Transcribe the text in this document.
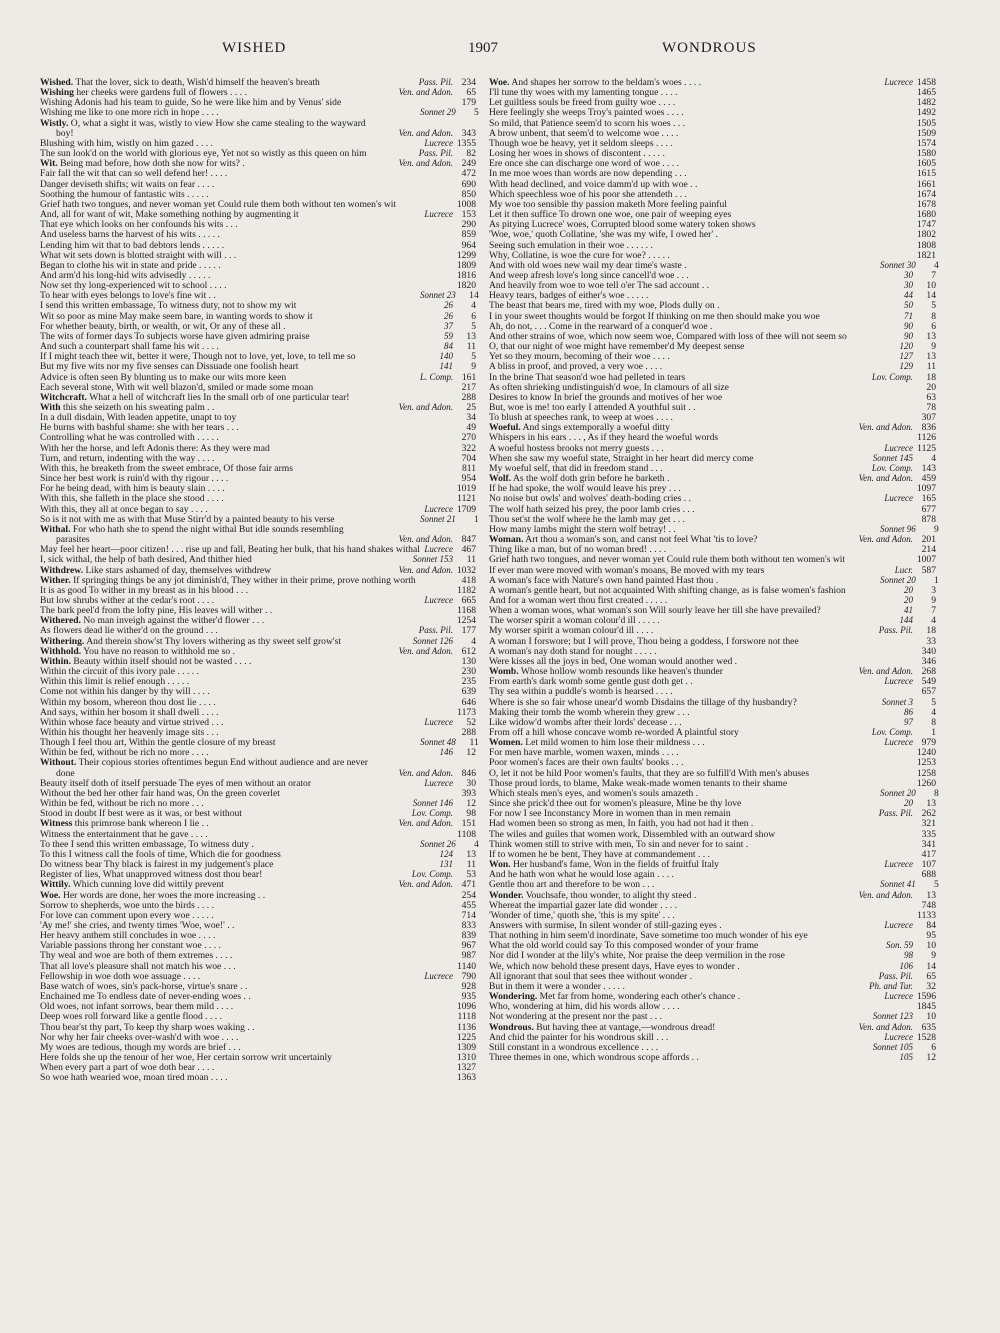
WISHED	1907	WONDROUS
Wished. That the lover, sick to death, Wish'd himself the heaven's breath	Pass. Pil. 234
Wishing her cheeks were gardens full of flowers . . . .	Ven. and Adon. 65
Wishing Adonis had his team to guide, So he were like him and by Venus' side	179
Wishing me like to one more rich in hope . . . .	Sonnet 29 5
Wistly. O, what a sight it was, wistly to view How she came stealing to the wayward boy!	Ven. and Adon. 343
Blushing with him, wistly on him gazed . . . .	Lucrece 1355
The sun look'd on the world with glorious eye, Yet not so wistly as this queen on him	Pass. Pil. 82
Wit. Being mad before, how doth she now for wits? .	Ven. and Adon. 249
Fair fall the wit that can so well defend her! . . . .	472
Danger deviseth shifts; wit waits on fear . . . .	690
Soothing the humour of fantastic wits . . . . .	850
Grief hath two tongues, and never woman yet Could rule them both without ten women's wit	1008
And, all for want of wit, Make something nothing by augmenting it	Lucrece 153
That eye which looks on her confounds his wits . . .	290
And useless barns the harvest of his wits . . . . .	859
Lending him wit that to bad debtors lends . . . . .	964
What wit sets down is blotted straight with will . . .	1299
Began to clothe his wit in state and pride . . . . .	1809
And arm'd his long-hid wits advisedly . . . . .	1816
Now set thy long-experienced wit to school . . . .	1820
To hear with eyes belongs to love's fine wit . .	Sonnet 23 14
I send this written embassage, To witness duty, not to show my wit	26 4
Wit so poor as mine May make seem bare, in wanting words to show it	26 6
For whether beauty, birth, or wealth, or wit, Or any of these all .	37 5
The wits of former days To subjects worse have given admiring praise	59 13
And such a counterpart shall fame his wit . . . .	84 11
If I might teach thee wit, better it were, Though not to love, yet, love, to tell me so	140 5
But my five wits nor my five senses can Dissuade one foolish heart	141 9
Advice is often seen By blunting us to make our wits more keen	L. Comp. 161
Each several stone, With wit well blazon'd, smiled or made some moan	217
Witchcraft. What a hell of witchcraft lies In the small orb of one particular tear!	288
With this she seizeth on his sweating palm . .	Ven. and Adon. 25
In a dull disdain, With leaden appetite, unapt to toy	34
He burns with bashful shame: she with her tears . . .	49
Controlling what he was controlled with . . . . .	270
With her the horse, and left Adonis there: As they were mad	322
Turn, and return, indenting with the way . . . .	704
With this, he breaketh from the sweet embrace, Of those fair arms	811
Since her best work is ruin'd with thy rigour . . . .	954
For he being dead, with him is beauty slain . . . .	1019
With this, she falleth in the place she stood . . . .	1121
With this, they all at once began to say . . . .	Lucrece 1709
So is it not with me as with that Muse Stirr'd by a painted beauty to his verse	Sonnet 21 1
Withal. For who hath she to spend the night withal But idle sounds resembling parasites	Ven. and Adon. 847
May feel her heart—poor citizen! . . . rise up and fall, Beating her bulk, that his hand shakes withal Lucrece 467
I, sick withal, the help of bath desired, And thither hied	Sonnet 153 11
Withdrew. Like stars ashamed of day, themselves withdrew	Ven. and Adon. 1032
Wither. If springing things be any jot diminish'd, They wither in their prime, prove nothing worth	418
It is as good To wither in my breast as in his blood . . .	1182
But low shrubs wither at the cedar's root . . . .	Lucrece 665
The bark peel'd from the lofty pine, His leaves will wither . .	1168
Withered. No man inveigh against the wither'd flower . . .	1254
As flowers dead lie wither'd on the ground . . .	Pass. Pil. 177
Withering. And therein show'st Thy lovers withering as thy sweet self grow'st	Sonnet 126 4
Withhold. You have no reason to withhold me so .	Ven. and Adon. 612
Within. Beauty within itself should not be wasted . . . .	130
Within the circuit of this ivory pale . . . . .	230
Within this limit is relief enough . . . . .	235
Come not within his danger by thy will . . . .	639
Within my bosom, whereon thou dost lie . . . .	646
And says, within her bosom it shall dwell . . . .	1173
Within whose face beauty and virtue strived . . .	Lucrece 52
Within his thought her heavenly image sits . . .	288
Though I feel thou art, Within the gentle closure of my breast	Sonnet 48 11
Within be fed, without be rich no more . . . .	146 12
Without. Their copious stories oftentimes begun End without audience and are never done	Ven. and Adon. 846
Beauty itself doth of itself persuade The eyes of men without an orator	Lucrece 30
Without the bed her other fair hand was, On the green coverlet	393
Within be fed, without be rich no more . . .	Sonnet 146 12
Stood in doubt If best were as it was, or best without	Lov. Comp. 98
Witness this primrose bank whereon I lie . .	Ven. and Adon. 151
Witness the entertainment that he gave . . . .	1108
To thee I send this written embassage, To witness duty .	Sonnet 26 4
To this I witness call the fools of time, Which die for goodness	124 13
Do witness bear Thy black is fairest in my judgement's place	131 11
Register of lies, What unapproved witness dost thou bear!	Lov. Comp. 53
Wittily. Which cunning love did wittily prevent	Ven. and Adon. 471
Woe. Her words are done, her woes the more increasing . .	254
Sorrow to shepherds, woe unto the birds . . . .	455
For love can comment upon every woe . . . . .	714
'Ay me!' she cries, and twenty times 'Woe, woe!' . .	833
Her heavy anthem still concludes in woe . . . .	839
Variable passions throng her constant woe . . . .	967
Thy weal and woe are both of them extremes . . . .	987
That all love's pleasure shall not match his woe . . .	1140
Fellowship in woe doth woe assuage . . . .	Lucrece 790
Base watch of woes, sin's pack-horse, virtue's snare . .	928
Enchained me To endless date of never-ending woes . .	935
Old woes, not infant sorrows, bear them mild . . . .	1096
Deep woes roll forward like a gentle flood . . . .	1118
Thou bear'st thy part, To keep thy sharp woes waking . .	1136
Nor why her fair cheeks over-wash'd with woe . . . .	1225
My woes are tedious, though my words are brief . . .	1309
Here folds she up the tenour of her woe, Her certain sorrow writ uncertainly	1310
When every part a part of woe doth bear . . . .	1327
So woe hath wearied woe, moan tired moan . . . .	1363
Woe. And shapes her sorrow to the beldam's woes . . . .	Lucrece 1458
I'll tune thy woes with my lamenting tongue . . . .	1465
Let guiltless souls be freed from guilty woe . . . .	1482
Here feelingly she weeps Troy's painted woes . . . .	1492
So mild, that Patience seem'd to scorn his woes . . .	1505
A brow unbent, that seem'd to welcome woe . . . .	1509
Though woe be heavy, yet it seldom sleeps . . . .	1574
Losing her woes in shows of discontent . . . . .	1580
Ere once she can discharge one word of woe . . . .	1605
In me moe woes than words are now depending . . .	1615
With head declined, and voice damm'd up with woe . .	1661
Which speechless woe of his poor she attendeth . . .	1674
My woe too sensible thy passion maketh More feeling painful	1678
Let it then suffice To drown one woe, one pair of weeping eyes	1680
As pitying Lucrece' woes, Corrupted blood some watery token shows	1747
'Woe, woe,' quoth Collatine, 'she was my wife, I owed her' .	1802
Seeing such emulation in their woe . . . . . .	1808
Why, Collatine, is woe the cure for woe? . . . . .	1821
And with old woes new wail my dear time's waste .	Sonnet 30 4
And weep afresh love's long since cancell'd woe . . .	30 7
And heavily from woe to woe tell o'er The sad account . .	30 10
Heavy tears, badges of either's woe . . . . .	44 14
The beast that bears me, tired with my woe, Plods dully on .	50 5
I in your sweet thoughts would be forgot If thinking on me then should make you woe	71 8
Ah, do not, . . . Come in the rearward of a conquer'd woe .	90 6
And other strains of woe, which now seem woe, Compared with loss of thee will not seem so	90 13
O, that our night of woe might have remember'd My deepest sense	120 9
Yet so they mourn, becoming of their woe . . . .	127 13
A bliss in proof, and proved, a very woe . . . .	129 11
In the brine That season'd woe had pelleted in tears	Lov. Comp. 18
As often shrieking undistinguish'd woe, In clamours of all size	20
Desires to know In brief the grounds and motives of her woe	63
But, woe is me! too early I attended A youthful suit . .	78
To blush at speeches rank, to weep at woes . . . .	307
Woeful. And sings extemporally a woeful ditty	Ven. and Adon. 836
Whispers in his ears . . . , As if they heard the woeful words	1126
A woeful hostess brooks not merry guests . . .	Lucrece 1125
When she saw my woeful state, Straight in her heart did mercy come	Sonnet 145 4
My woeful self, that did in freedom stand . . .	Lov. Comp. 143
Wolf. As the wolf doth grin before he barketh .	Ven. and Adon. 459
If he had spoke, the wolf would leave his prey . . .	1097
No noise but owls' and wolves' death-boding cries . .	Lucrece 165
The wolf hath seized his prey, the poor lamb cries . . .	677
Thou set'st the wolf where he the lamb may get . . .	878
How many lambs might the stern wolf betray! . .	Sonnet 96 9
Woman. Art thou a woman's son, and canst not feel What 'tis to love?	Ven. and Adon. 201
Thing like a man, but of no woman bred! . . . .	214
Grief hath two tongues, and never woman yet Could rule them both without ten women's wit	1007
If ever man were moved with woman's moans, Be moved with my tears	Lucr. 587
A woman's face with Nature's own hand painted Hast thou .	Sonnet 20 1
A woman's gentle heart, but not acquainted With shifting change, as is false women's fashion	20 3
And for a woman wert thou first created . . . . .	20 9
When a woman woos, what woman's son Will sourly leave her till she have prevailed?	41 7
The worser spirit a woman colour'd ill . . . . .	144 4
My worser spirit a woman colour'd ill . . . .	Pass. Pil. 18
A woman I forswore; but I will prove, Thou being a goddess, I forswore not thee	33
A woman's nay doth stand for nought . . . . .	340
Were kisses all the joys in bed, One woman would another wed .	346
Womb. Whose hollow womb resounds like heaven's thunder	Ven. and Adon. 268
From earth's dark womb some gentle gust doth get . .	Lucrece 549
Thy sea within a puddle's womb is hearsed . . . .	657
Where is she so fair whose unear'd womb Disdains the tillage of thy husbandry?	Sonnet 3 5
Making their tomb the womb wherein they grew . . .	86 4
Like widow'd wombs after their lords' decease . . .	97 8
From off a hill whose concave womb re-worded A plaintful story	Lov. Comp. 1
Women. Let mild women to him lose their mildness . . .	Lucrece 979
For men have marble, women waxen, minds . . . .	1240
Poor women's faces are their own faults' books . . .	1253
O, let it not be hild Poor women's faults, that they are so fulfill'd With men's abuses	1258
Those proud lords, to blame, Make weak-made women tenants to their shame	1260
Which steals men's eyes, and women's souls amazeth .	Sonnet 20 8
Since she prick'd thee out for women's pleasure, Mine be thy love	20 13
For now I see Inconstancy More in women than in men remain	Pass. Pil. 262
Had women been so strong as men, In faith, you had not had it then .	321
The wiles and guiles that women work, Dissembled with an outward show	335
Think women still to strive with men, To sin and never for to saint .	341
If to women he be bent, They have at commandement . . .	417
Won. Her husband's fame, Won in the fields of fruitful Italy	Lucrece 107
And he hath won what he would lose again . . . .	688
Gentle thou art and therefore to be won . . .	Sonnet 41 5
Wonder. Vouchsafe, thou wonder, to alight thy steed .	Ven. and Adon. 13
Whereat the impartial gazer late did wonder . . . .	748
'Wonder of time,' quoth she, 'this is my spite' . . .	1133
Answers with surmise, In silent wonder of still-gazing eyes .	Lucrece 84
That nothing in him seem'd inordinate, Save sometime too much wonder of his eye	95
What the old world could say To this composed wonder of your frame	Son. 59 10
Nor did I wonder at the lily's white, Nor praise the deep vermilion in the rose	98 9
We, which now behold these present days, Have eyes to wonder .	106 14
All ignorant that soul that sees thee without wonder .	Pass. Pil. 65
But in them it were a wonder . . . . .	Ph. and Tur. 32
Wondering. Met far from home, wondering each other's chance .	Lucrece 1596
Who, wondering at him, did his words allow . . . .	1845
Not wondering at the present nor the past . . .	Sonnet 123 10
Wondrous. But having thee at vantage,—wondrous dread!	Ven. and Adon. 635
And chid the painter for his wondrous skill . . .	Lucrece 1528
Still constant in a wondrous excellence . . . .	Sonnet 105 6
Three themes in one, which wondrous scope affords . .	105 12
